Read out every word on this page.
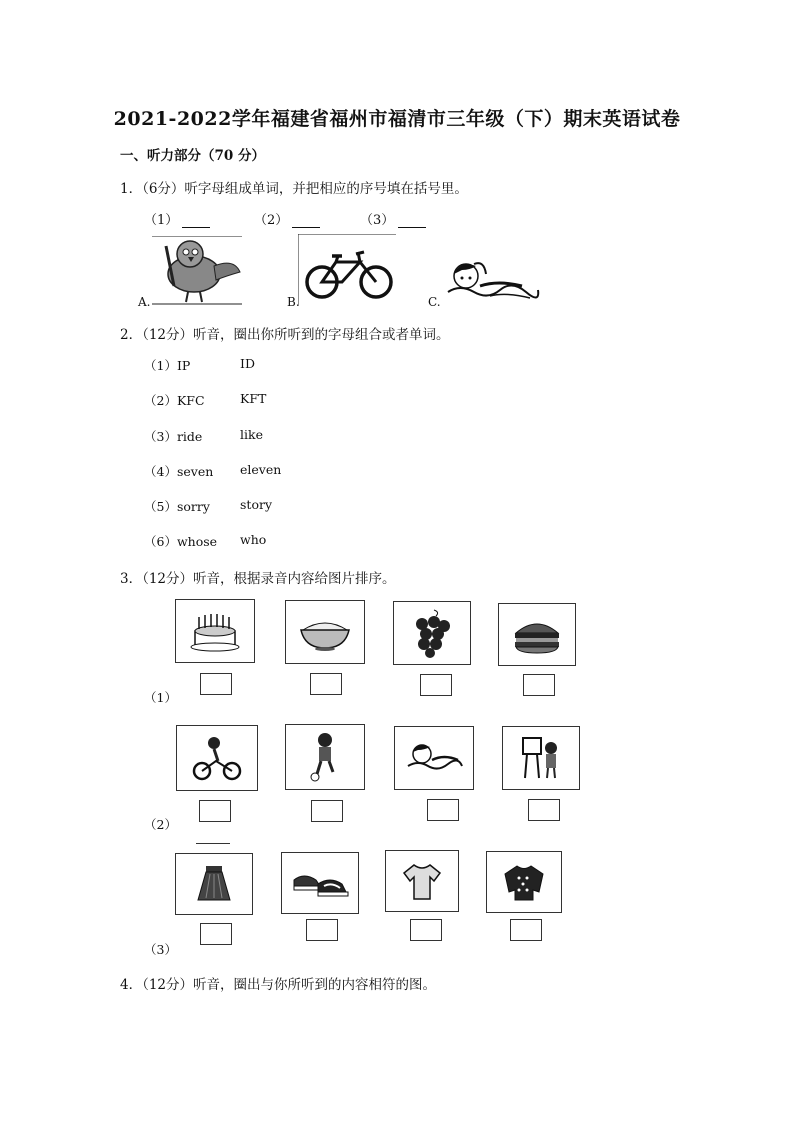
2021-2022学年福建省福州市福清市三年级（下）期末英语试卷
一、听力部分（70 分）
1．（6分）听字母组成单词，并把相应的序号填在括号里。
（1）	（2）	（3）
A.	B.	C.
2．（12分）听音，圈出你所听到的字母组合或者单词。
（1）IP	ID
（2）KFC	KFT
（3）ride	like
（4）seven eleven
（5）sorry story
（6）whose who
3．（12分）听音，根据录音内容给图片排序。
（1）
（2）
（3）
4．（12分）听音，圈出与你所听到的内容相符的图。
